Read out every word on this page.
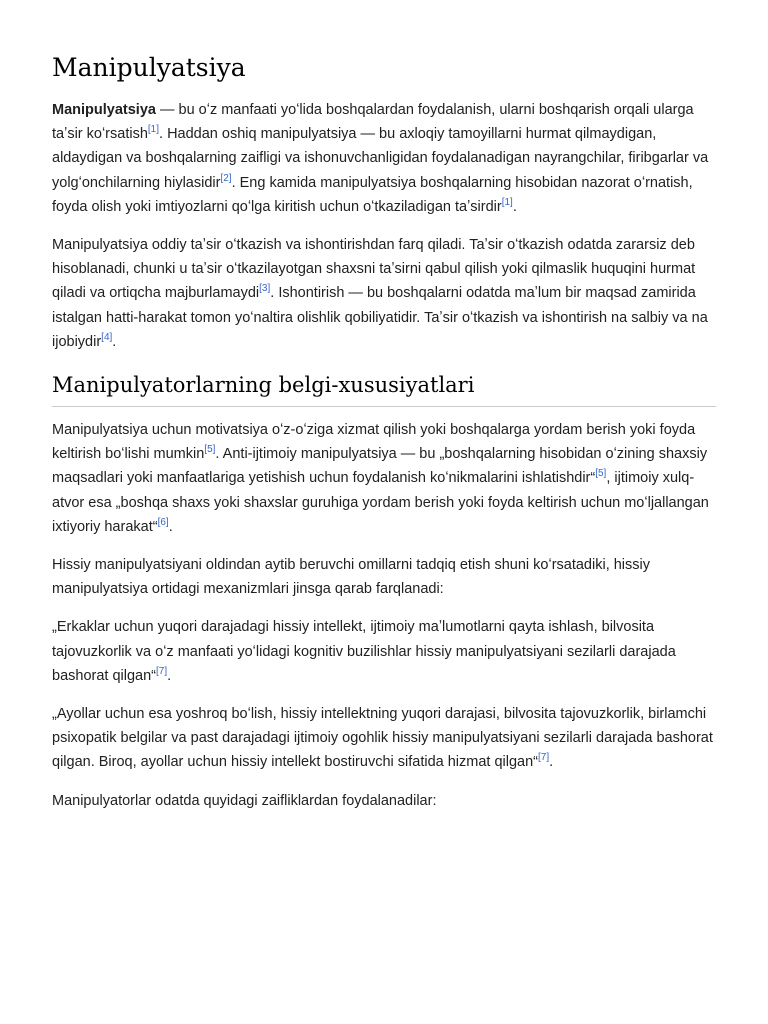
Manipulyatsiya

Manipulyatsiya — bu oʻz manfaati yoʻlida boshqalardan foydalanish, ularni boshqarish orqali ularga taʼsir koʻrsatish[1]. Haddan oshiq manipulyatsiya — bu axloqiy tamoyillarni hurmat qilmaydigan, aldaydigan va boshqalarning zaifligi va ishonuvchanligidan foydalanadigan nayrangchilar, firibgarlar va yolgʻonchilarning hiylasidir[2]. Eng kamida manipulyatsiya boshqalarning hisobidan nazorat oʻrnatish, foyda olish yoki imtiyozlarni qoʻlga kiritish uchun oʻtkaziladigan taʼsirdir[1].

Manipulyatsiya oddiy taʼsir oʻtkazish va ishontirishdan farq qiladi. Taʼsir oʻtkazish odatda zararsiz deb hisoblanadi, chunki u taʼsir oʻtkazilayotgan shaxsni taʼsirni qabul qilish yoki qilmaslik huquqini hurmat qiladi va ortiqcha majburlamaydi[3]. Ishontirish — bu boshqalarni odatda maʼlum bir maqsad zamirida istalgan hatti-harakat tomon yoʻnaltira olishlik qobiliyatidir. Taʼsir oʻtkazish va ishontirish na salbiy va na ijobiydir[4].

Manipulyatorlarning belgi-xususiyatlari

Manipulyatsiya uchun motivatsiya oʻz-oʻziga xizmat qilish yoki boshqalarga yordam berish yoki foyda keltirish boʻlishi mumkin[5]. Anti-ijtimoiy manipulyatsiya — bu „boshqalarning hisobidan oʻzining shaxsiy maqsadlari yoki manfaatlariga yetishish uchun foydalanish koʻnikmalarini ishlatishdir“[5], ijtimoiy xulq-atvor esa „boshqa shaxs yoki shaxslar guruhiga yordam berish yoki foyda keltirish uchun moʻljallangan ixtiyoriy harakat“[6].

Hissiy manipulyatsiyani oldindan aytib beruvchi omillarni tadqiq etish shuni koʻrsatadiki, hissiy manipulyatsiya ortidagi mexanizmlari jinsga qarab farqlanadi:

„Erkaklar uchun yuqori darajadagi hissiy intellekt, ijtimoiy maʼlumotlarni qayta ishlash, bilvosita tajovuzkorlik va oʻz manfaati yoʻlidagi kognitiv buzilishlar hissiy manipulyatsiyani sezilarli darajada bashorat qilgan“[7].

„Ayollar uchun esa yoshroq boʻlish, hissiy intellektning yuqori darajasi, bilvosita tajovuzkorlik, birlamchi psixopatik belgilar va past darajadagi ijtimoiy ogohlik hissiy manipulyatsiyani sezilarli darajada bashorat qilgan. Biroq, ayollar uchun hissiy intellekt bostiruvchi sifatida hizmat qilgan“[7].

Manipulyatorlar odatda quyidagi zaifliklardan foydalanadilar:
